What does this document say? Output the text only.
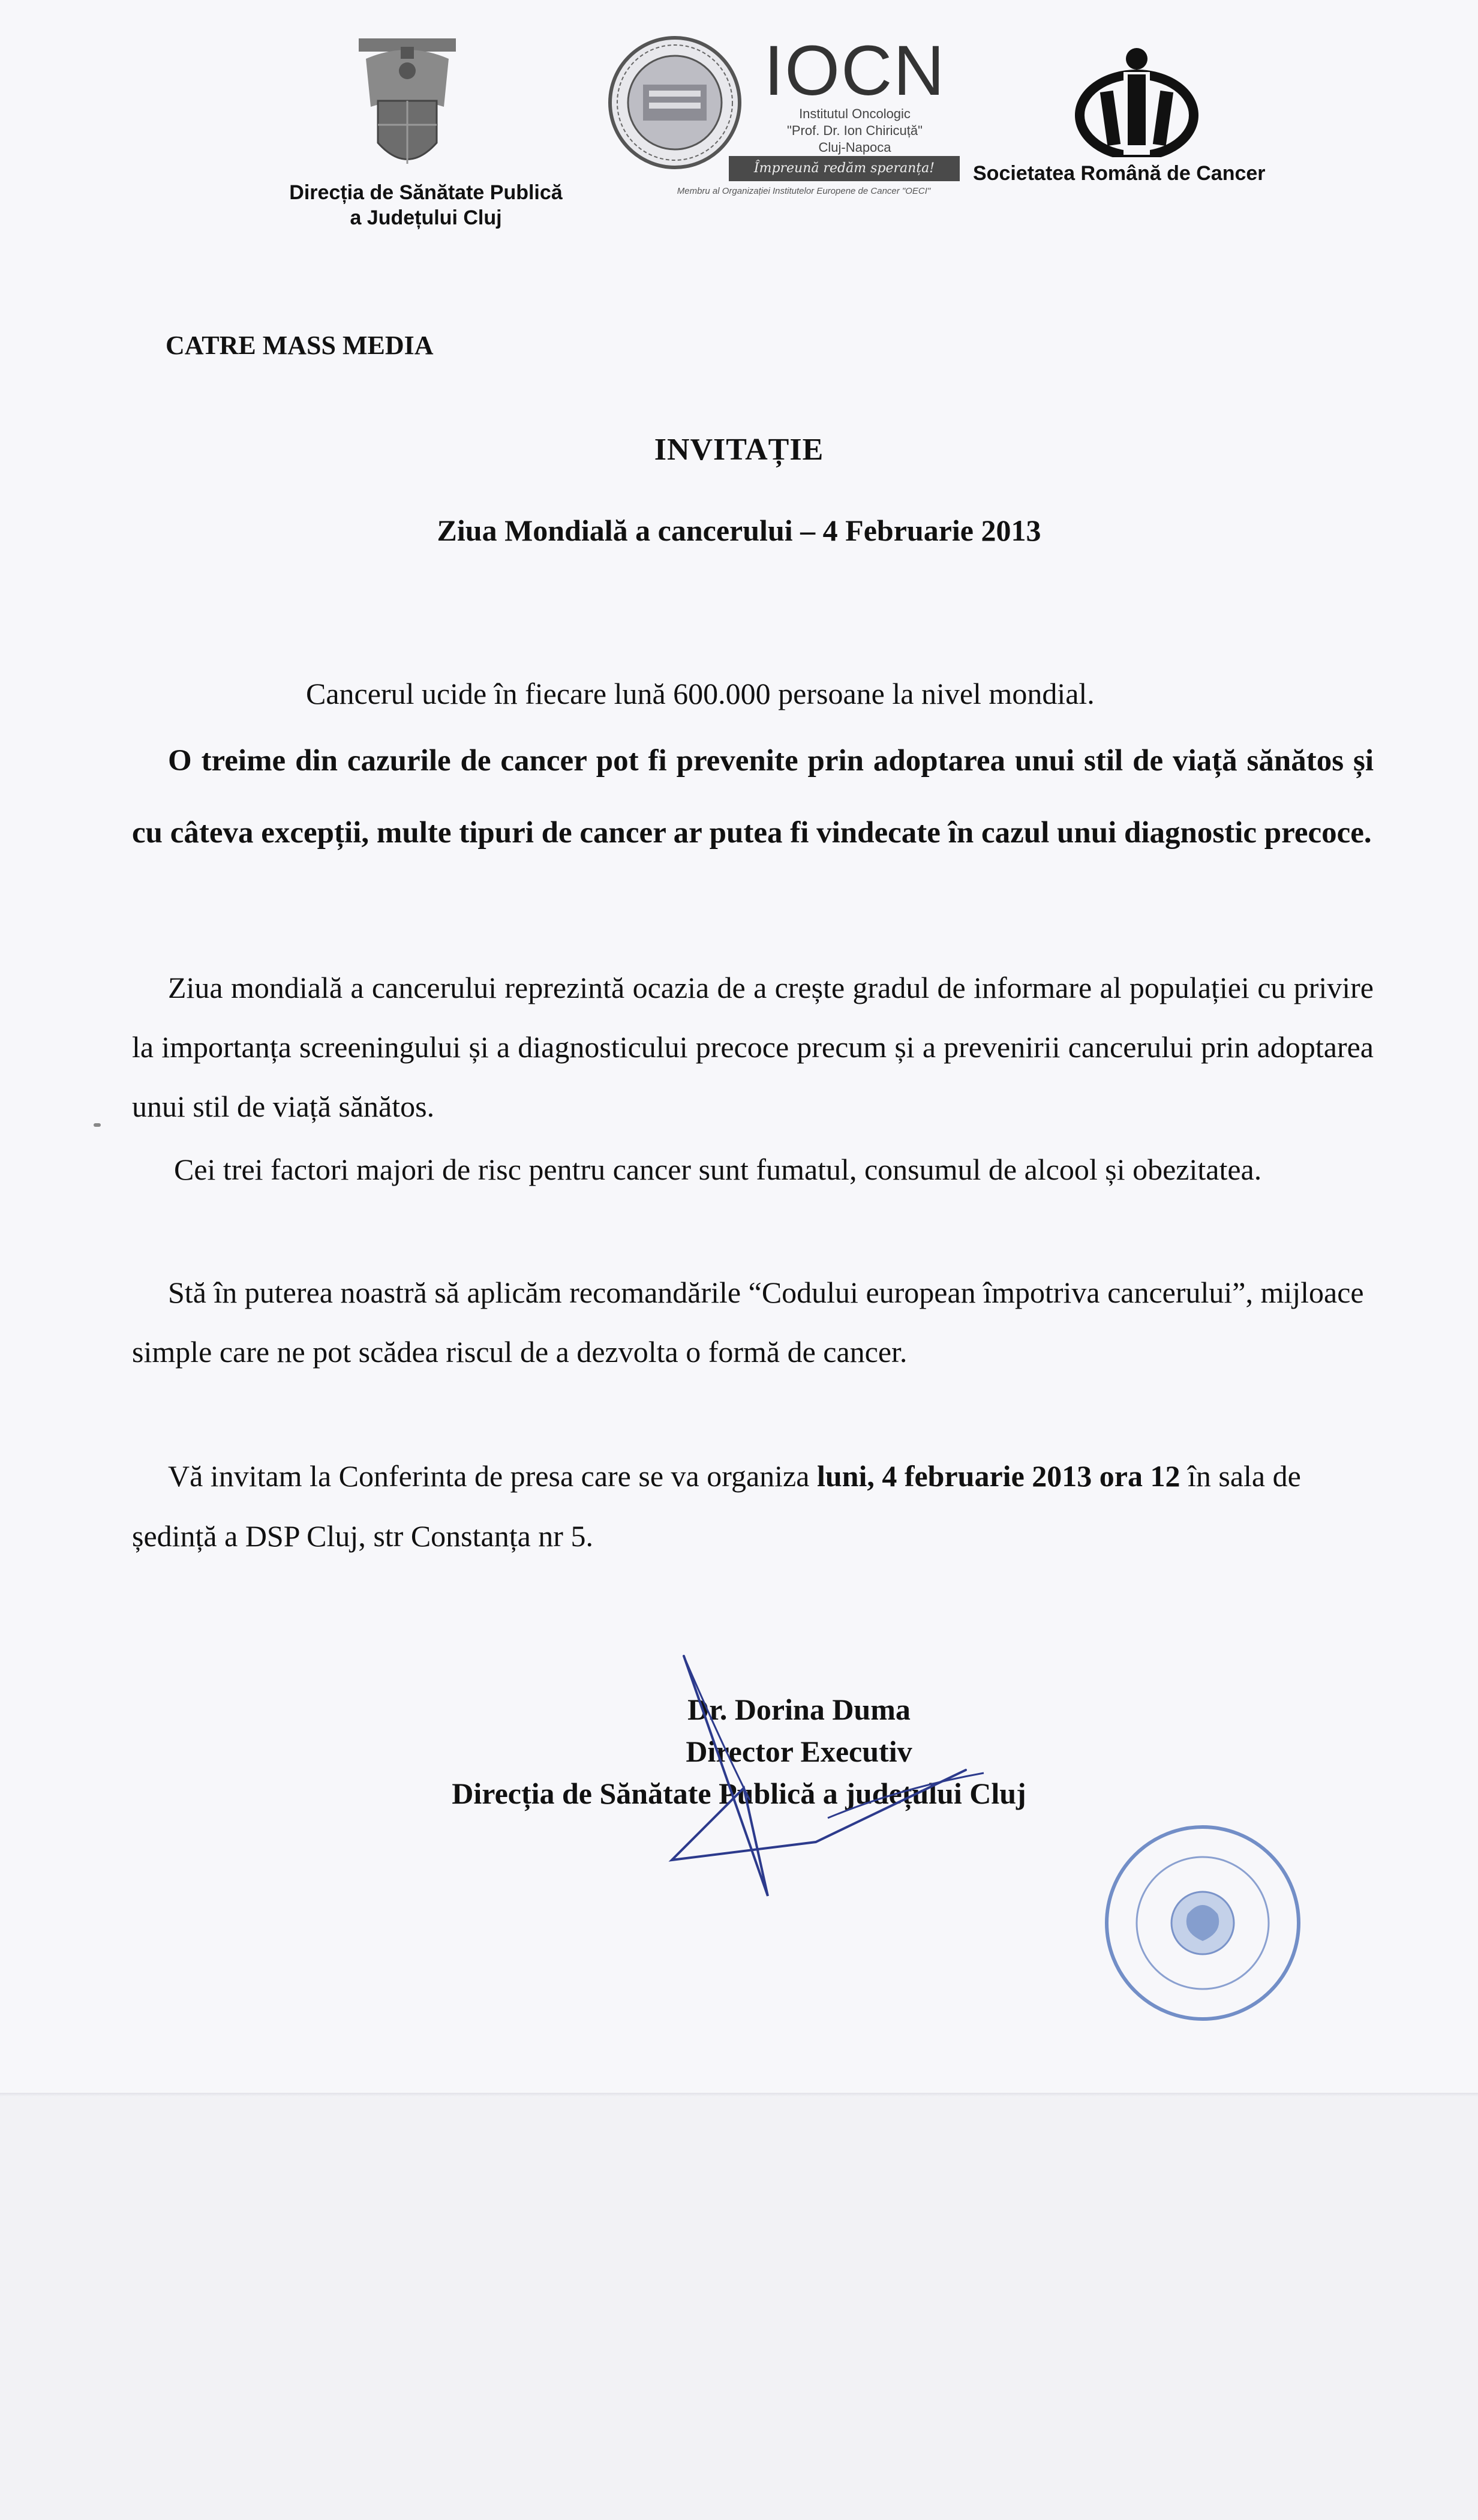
Direcția de Sănătate Publică
a Județului Cluj
IOCN
Institutul Oncologic
"Prof. Dr. Ion Chiricuță"
Cluj-Napoca
Împreună redăm speranța!
Membru al Organizației Institutelor Europene de Cancer "OECI"
Societatea Română de Cancer
CATRE MASS MEDIA
INVITAȚIE
Ziua Mondială a cancerului – 4 Februarie 2013
Cancerul ucide în fiecare lună 600.000 persoane la nivel mondial.
O treime din cazurile de cancer pot fi prevenite prin adoptarea unui stil de viață sănătos și cu câteva excepții, multe tipuri de cancer ar putea fi vindecate în cazul unui diagnostic precoce.
Ziua mondială a cancerului reprezintă ocazia de a crește gradul de informare al populației cu privire la importanța screeningului și a diagnosticului precoce precum și a prevenirii cancerului prin adoptarea unui stil de viață sănătos.
Cei trei factori majori de risc pentru cancer sunt fumatul, consumul de alcool și obezitatea.
Stă în puterea noastră să aplicăm recomandările “Codului european împotriva cancerului”, mijloace simple care ne pot scădea riscul de a dezvolta o formă de cancer.
Vă invitam la Conferinta de presa care se va organiza luni, 4 februarie 2013 ora 12 în sala de ședință a DSP Cluj, str Constanța nr 5.
Dr. Dorina Duma
Director Executiv
Direcția de Sănătate Publică a județului Cluj
